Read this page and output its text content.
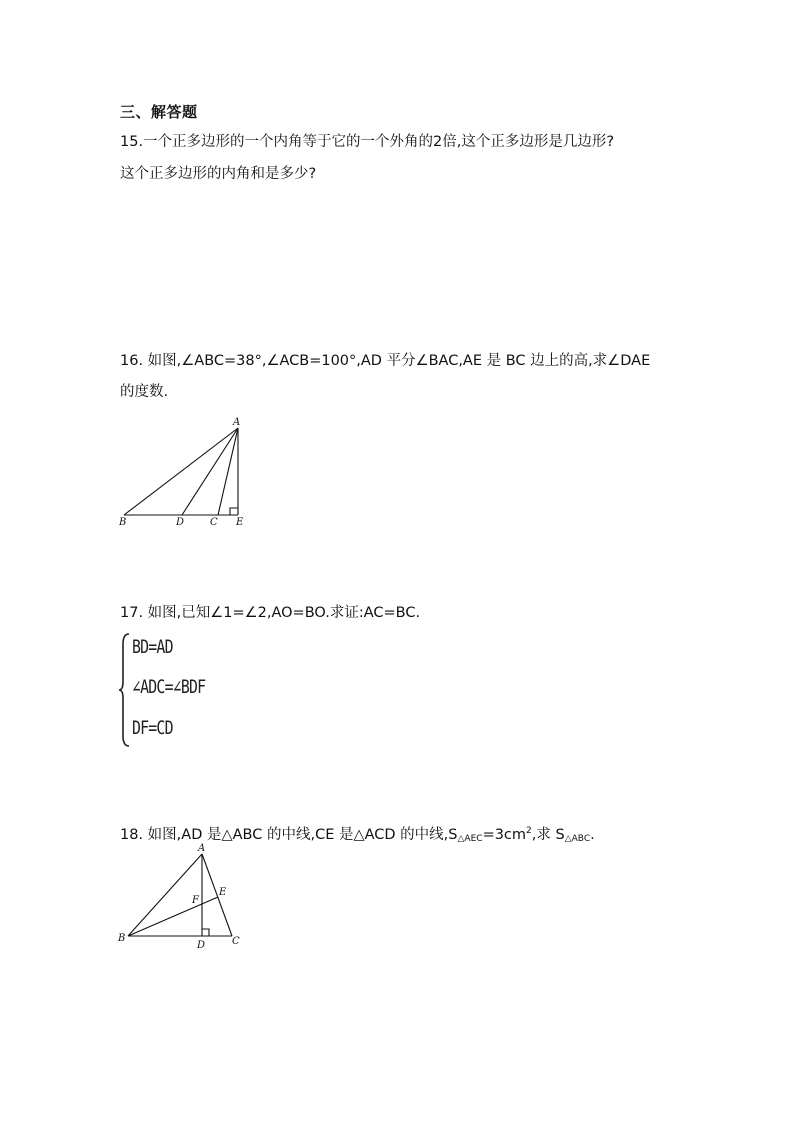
三、解答题
15.一个正多边形的一个内角等于它的一个外角的2倍,这个正多边形是几边形?
这个正多边形的内角和是多少?
16. 如图,∠ABC=38°,∠ACB=100°,AD 平分∠BAC,AE 是 BC 边上的高,求∠DAE
的度数.
A
B	D	C E
17. 如图,已知∠1=∠2,AO=BO.求证:AC=BC.
BD=AD
∠ADC=∠BDF
DF=CD
18. 如图,AD 是△ABC 的中线,CE 是△ACD 的中线$,S_{\triangle AEC}=3cm^2$,求 $S_{\triangle ABC}$.
A
B	C
D
E
F
